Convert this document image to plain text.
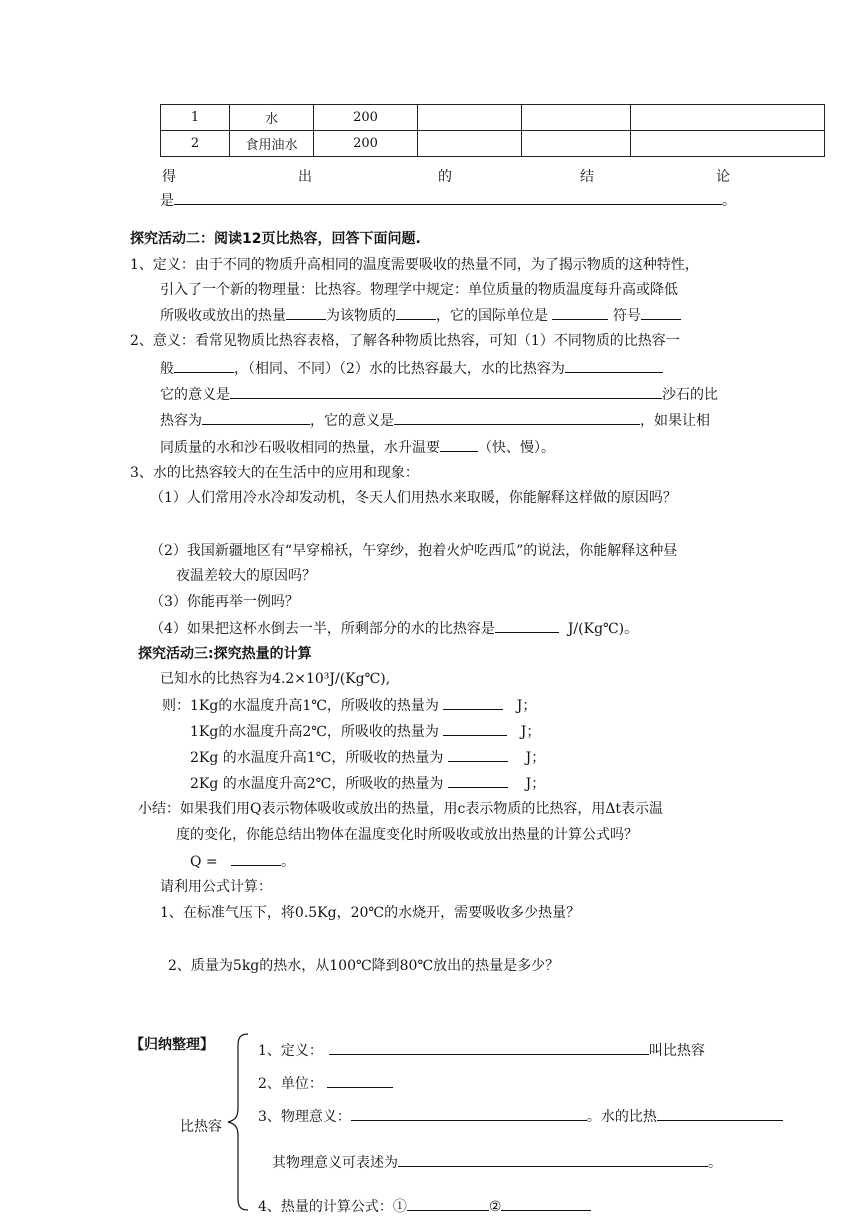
1	水	200			
2	食用油水	200			
得	出	的	结	论
是	。
探究活动二：阅读12页比热容，回答下面问题.
1、定义：由于不同的物质升高相同的温度需要吸收的热量不同，为了揭示物质的这种特性，
引入了一个新的物理量：比热容。物理学中规定：单位质量的物质温度每升高或降低
所吸收或放出的热量	为该物质的	，它的国际单位是	符号
2、意义：看常见物质比热容表格，了解各种物质比热容，可知（1）不同物质的比热容一
般	，（相同、不同）（2）水的比热容最大，水的比热容为
它的意义是	沙石的比
热容为	，它的意义是	，如果让相
同质量的水和沙石吸收相同的热量，水升温要	（快、慢）。
3、水的比热容较大的在生活中的应用和现象：
（1）人们常用冷水冷却发动机，冬天人们用热水来取暖，你能解释这样做的原因吗？
（2）我国新疆地区有“早穿棉袄，午穿纱，抱着火炉吃西瓜”的说法，你能解释这种昼
夜温差较大的原因吗？
（3）你能再举一例吗？
（4）如果把这杯水倒去一半，所剩部分的水的比热容是	J/(Kg℃)。
探究活动三:探究热量的计算
已知水的比热容为4.2×10³J/(Kg℃),
则：1Kg的水温度升高1℃，所吸收的热量为	J；
1Kg的水温度升高2℃，所吸收的热量为	J；
2Kg 的水温度升高1℃，所吸收的热量为	J；
2Kg 的水温度升高2℃，所吸收的热量为	J；
小结：如果我们用Q表示物体吸收或放出的热量，用c表示物质的比热容，用Δt表示温
度的变化，你能总结出物体在温度变化时所吸收或放出热量的计算公式吗？
Q =	。
请利用公式计算：
1、在标准气压下，将0.5Kg，20℃的水烧开，需要吸收多少热量？
2、质量为5kg的热水，从100℃降到80℃放出的热量是多少？
【归纳整理】
比热容
1、定义：	叫比热容
2、单位：
3、物理意义：	。水的比热
其物理意义可表述为	。
4、热量的计算公式：①	②
